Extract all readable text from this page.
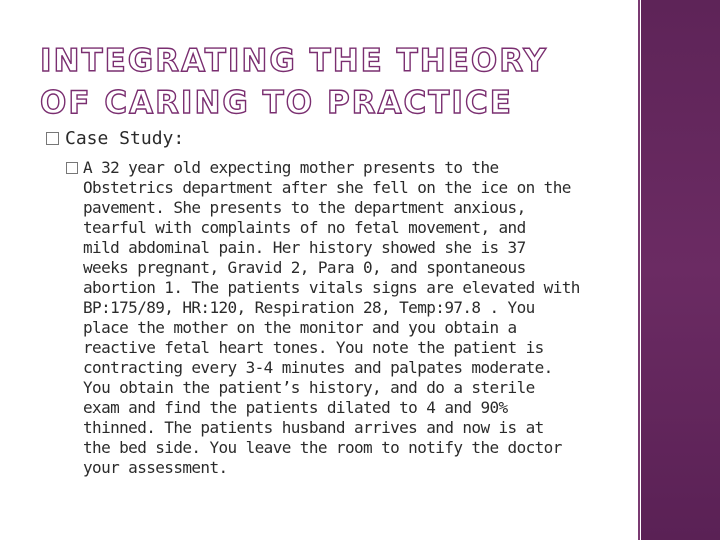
INTEGRATING THE THEORY OF CARING TO PRACTICE
Case Study:
A 32 year old expecting mother presents to the
Obstetrics department after she fell on the ice on the
pavement. She presents to the department anxious,
tearful with complaints of no fetal movement, and
mild abdominal pain. Her history showed she is 37
weeks pregnant, Gravid 2, Para 0, and spontaneous
abortion 1. The patients vitals signs are elevated with
BP:175/89, HR:120, Respiration 28, Temp:97.8 . You
place the mother on the monitor and you obtain a
reactive fetal heart tones. You note the patient is
contracting every 3-4 minutes and palpates moderate.
You obtain the patient’s history, and do a sterile
exam and find the patients dilated to 4 and 90%
thinned. The patients husband arrives and now is at
the bed side. You leave the room to notify the doctor
your assessment.
